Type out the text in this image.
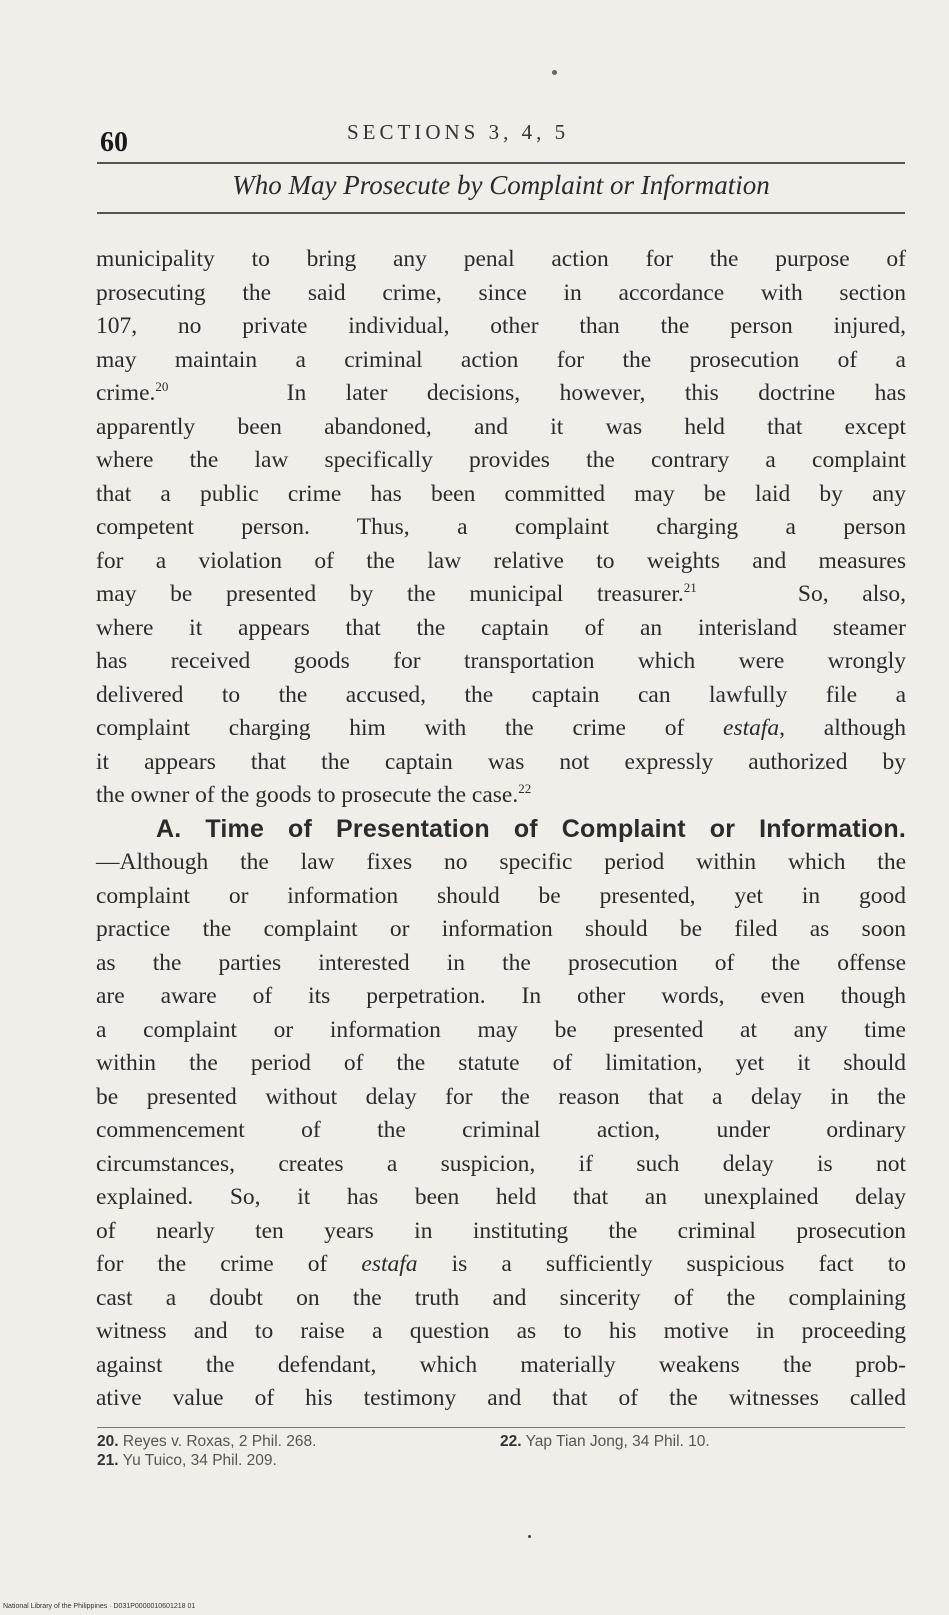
60	SECTIONS 3, 4, 5
Who May Prosecute by Complaint or Information
municipality to bring any penal action for the purpose of
prosecuting the said crime, since in accordance with section
107, no private individual, other than the person injured,
may maintain a criminal action for the prosecution of a
crime.$^{20}$	In later decisions, however, this doctrine has
apparently been abandoned, and it was held that except
where the law specifically provides the contrary a complaint
that a public crime has been committed may be laid by any
competent person. Thus, a complaint charging a person
for a violation of the law relative to weights and measures
may be presented by the municipal treasurer.$^{21}$	So, also,
where it appears that the captain of an interisland steamer
has received goods for transportation which were wrongly
delivered to the accused, the captain can lawfully file a
complaint charging him with the crime of estafa, although
it appears that the captain was not expressly authorized by
the owner of the goods to prosecute the case.$^{22}$
A. Time of Presentation of Complaint or Information.
—Although the law fixes no specific period within which the
complaint or information should be presented, yet in good
practice the complaint or information should be filed as soon
as the parties interested in the prosecution of the offense
are aware of its perpetration. In other words, even though
a complaint or information may be presented at any time
within the period of the statute of limitation, yet it should
be presented without delay for the reason that a delay in the
commencement of the criminal action, under ordinary
circumstances, creates a suspicion, if such delay is not
explained. So, it has been held that an unexplained delay
of nearly ten years in instituting the criminal prosecution
for the crime of estafa is a sufficiently suspicious fact to
cast a doubt on the truth and sincerity of the complaining
witness and to raise a question as to his motive in proceeding
against the defendant, which materially weakens the prob-
ative value of his testimony and that of the witnesses called
20. Reyes v. Roxas, 2 Phil. 268.
21. Yu Tuico, 34 Phil. 209.
22. Yap Tian Jong, 34 Phil. 10.
National Library of the Philippines · D031P0000010601218 01
